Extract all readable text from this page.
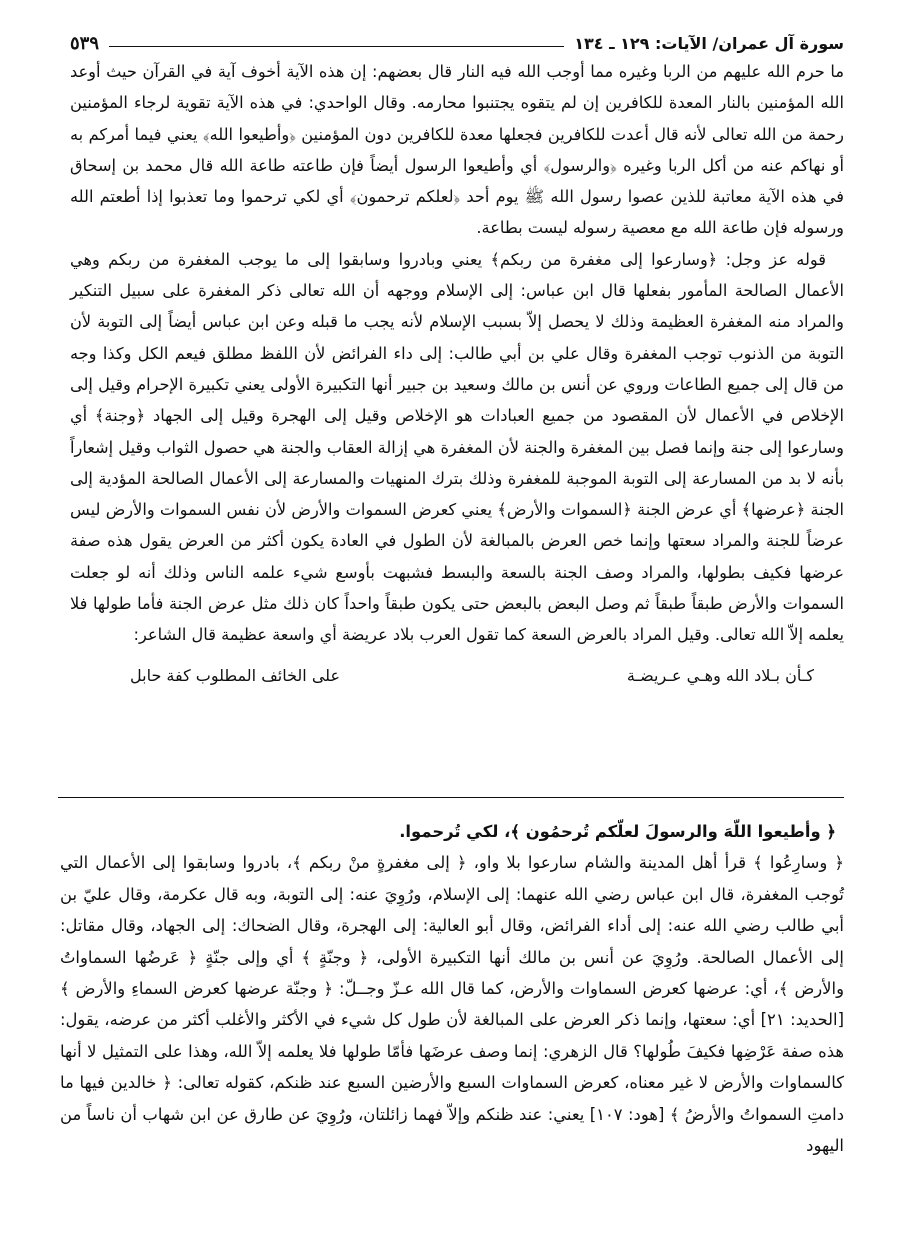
سورة آل عمران/ الآيات: ١٢٩ ـ ١٣٤
٥٣٩

ما حرم الله عليهم من الربا وغيره مما أوجب الله فيه النار قال بعضهم: إن هذه الآية أخوف آية في القرآن حيث أوعد الله المؤمنين بالنار المعدة للكافرين إن لم يتقوه يجتنبوا محارمه. وقال الواحدي: في هذه الآية تقوية لرجاء المؤمنين رحمة من الله تعالى لأنه قال أعدت للكافرين فجعلها معدة للكافرين دون المؤمنين ﴿وأطيعوا الله﴾ يعني فيما أمركم به أو نهاكم عنه من أكل الربا وغيره ﴿والرسول﴾ أي وأطيعوا الرسول أيضاً فإن طاعته طاعة الله قال محمد بن إسحاق في هذه الآية معاتبة للذين عصوا رسول الله ﷺ يوم أحد ﴿لعلكم ترحمون﴾ أي لكي ترحموا وما تعذبوا إذا أطعتم الله ورسوله فإن طاعة الله مع معصية رسوله ليست بطاعة.

قوله عز وجل: ﴿وسارعوا إلى مغفرة من ربكم﴾ يعني وبادروا وسابقوا إلى ما يوجب المغفرة من ربكم وهي الأعمال الصالحة المأمور بفعلها قال ابن عباس: إلى الإسلام ووجهه أن الله تعالى ذكر المغفرة على سبيل التنكير والمراد منه المغفرة العظيمة وذلك لا يحصل إلاّ بسبب الإسلام لأنه يجب ما قبله وعن ابن عباس أيضاً إلى التوبة لأن التوبة من الذنوب توجب المغفرة وقال علي بن أبي طالب: إلى داء الفرائض لأن اللفظ مطلق فيعم الكل وكذا وجه من قال إلى جميع الطاعات وروي عن أنس بن مالك وسعيد بن جبير أنها التكبيرة الأولى يعني تكبيرة الإحرام وقيل إلى الإخلاص في الأعمال لأن المقصود من جميع العبادات هو الإخلاص وقيل إلى الهجرة وقيل إلى الجهاد ﴿وجنة﴾ أي وسارعوا إلى جنة وإنما فصل بين المغفرة والجنة لأن المغفرة هي إزالة العقاب والجنة هي حصول الثواب وقيل إشعاراً بأنه لا بد من المسارعة إلى التوبة الموجبة للمغفرة وذلك بترك المنهيات والمسارعة إلى الأعمال الصالحة المؤدية إلى الجنة ﴿عرضها﴾ أي عرض الجنة ﴿السموات والأرض﴾ يعني كعرض السموات والأرض لأن نفس السموات والأرض ليس عرضاً للجنة والمراد سعتها وإنما خص العرض بالمبالغة لأن الطول في العادة يكون أكثر من العرض يقول هذه صفة عرضها فكيف بطولها، والمراد وصف الجنة بالسعة والبسط فشبهت بأوسع شيء علمه الناس وذلك أنه لو جعلت السموات والأرض طبقاً طبقاً ثم وصل البعض بالبعض حتى يكون طبقاً واحداً كان ذلك مثل عرض الجنة فأما طولها فلا يعلمه إلاّ الله تعالى. وقيل المراد بالعرض السعة كما تقول العرب بلاد عريضة أي واسعة عظيمة قال الشاعر:

كـأن بـلاد الله وهـي عـريضـة
على الخائف المطلوب كفة حابل

﴿ وأطيعوا اللّهَ والرسولَ لعلّكم تُرحمُون ﴾، لكي تُرحموا.

﴿ وسارِعُوا ﴾ قرأ أهل المدينة والشام سارعوا بلا واو، ﴿ إلى مغفرةٍ منْ ربكم ﴾، بادروا وسابقوا إلى الأعمال التي تُوجب المغفرة، قال ابن عباس رضي الله عنهما: إلى الإسلام، ورُوِيَ عنه: إلى التوبة، وبه قال عكرمة، وقال عليّ بن أبي طالب رضي الله عنه: إلى أداء الفرائض، وقال أبو العالية: إلى الهجرة، وقال الضحاك: إلى الجهاد، وقال مقاتل: إلى الأعمال الصالحة. ورُوِيَ عن أنس بن مالك أنها التكبيرة الأولى، ﴿ وجنّةٍ ﴾ أي وإلى جنّةٍ ﴿ عَرضُها السماواتُ والأرض ﴾، أي: عرضها كعرض السماوات والأرض، كما قال الله عـزّ وجــلّ: ﴿ وجنّة عرضها كعرض السماءِ والأرض ﴾ [الحديد: ٢١] أي: سعتها، وإنما ذكر العرض على المبالغة لأن طول كل شيء في الأكثر والأغلب أكثر من عرضه، يقول: هذه صفة عَرْضِها فكيفَ طُولها؟ قال الزهري: إنما وصف عرضَها فأمّا طولها فلا يعلمه إلاّ الله، وهذا على التمثيل لا أنها كالسماوات والأرض لا غير معناه، كعرض السماوات السبع والأرضين السبع عند ظنكم، كقوله تعالى: ﴿ خالدين فيها ما دامتِ السمواتُ والأرضُ ﴾ [هود: ١٠٧] يعني: عند ظنكم وإلاّ فهما زائلتان، ورُوِيَ عن طارق عن ابن شهاب أن ناساً من اليهود
